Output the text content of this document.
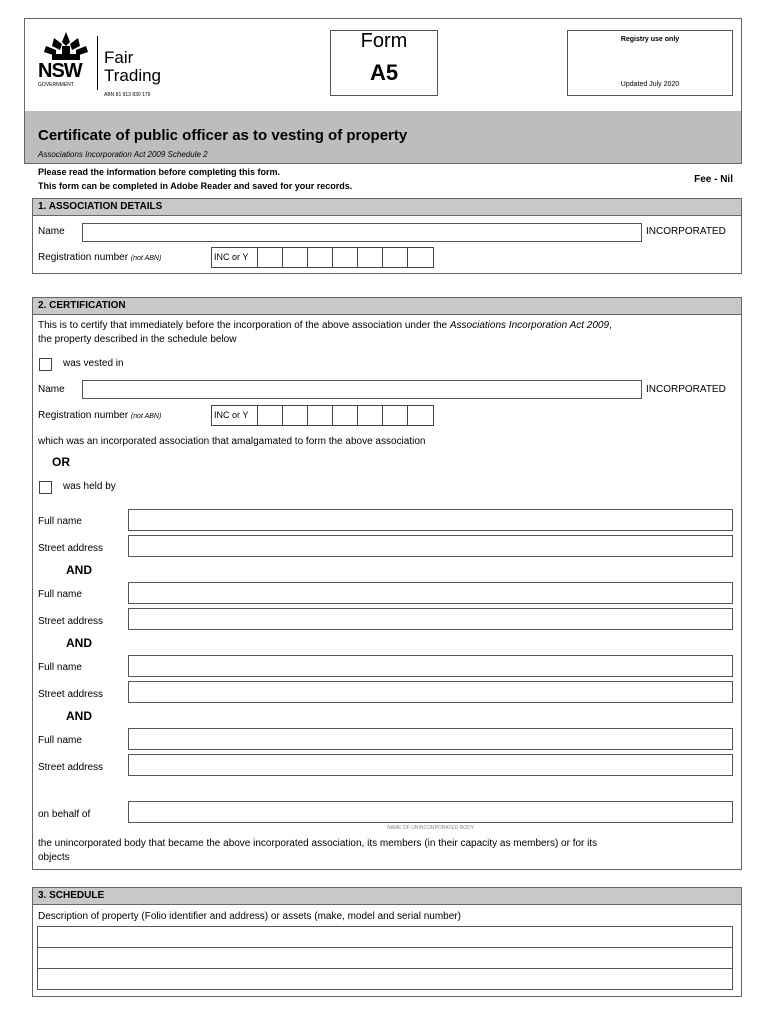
NSW
GOVERNMENT
Fair
Trading
ABN 81 913 830 179
Form
A5
Registry use only
Updated July 2020
Certificate of public officer as to vesting of property
Associations Incorporation Act 2009 Schedule 2
Please read the information before completing this form.
This form can be completed in Adobe Reader and saved for your records.
Fee - Nil
1. ASSOCIATION DETAILS
Name	INCORPORATED
Registration number (not ABN)	INC or Y
2. CERTIFICATION
This is to certify that immediately before the incorporation of the above association under the Associations Incorporation Act 2009,
the property described in the schedule below
was vested in
Name	INCORPORATED
Registration number (not ABN)	INC or Y
which was an incorporated association that amalgamated to form the above association
OR
was held by
Full name
Street address
AND
Full name
Street address
AND
Full name
Street address
AND
Full name
Street address
on behalf of
NAME OF UNINCORPORATED BODY
the unincorporated body that became the above incorporated association, its members (in their capacity as members) or for its
objects
3. SCHEDULE
Description of property (Folio identifier and address) or assets (make, model and serial number)
